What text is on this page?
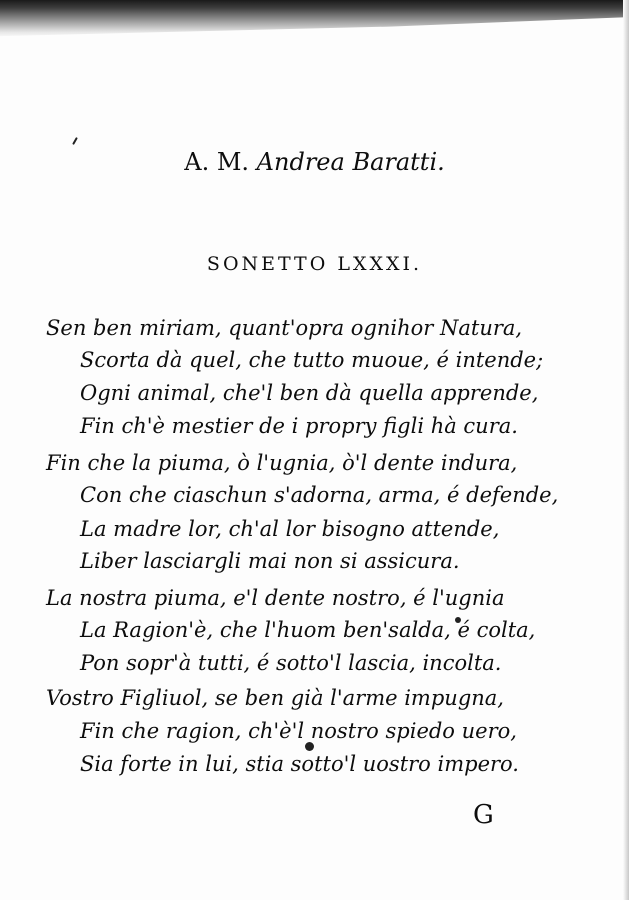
A. M. Andrea Baratti.
SONETTO LXXXI.
Sen ben miriam, quant'opra ognihor Natura,
Scorta dà quel, che tutto muoue, é intende;
Ogni animal, che'l ben dà quella apprende,
Fin ch'è mestier de i propry figli hà cura.
Fin che la piuma, ò l'ugnia, ò'l dente indura,
Con che ciaschun s'adorna, arma, é defende,
La madre lor, ch'al lor bisogno attende,
Liber lasciargli mai non si assicura.
La nostra piuma, e'l dente nostro, é l'ugnia
La Ragion'è, che l'huom ben'salda, é colta,
Pon sopr'à tutti, é sotto'l lascia, incolta.
Vostro Figliuol, se ben già l'arme impugna,
Fin che ragion, ch'è'l nostro spiedo uero,
Sia forte in lui, stia sotto'l uostro impero.
G
